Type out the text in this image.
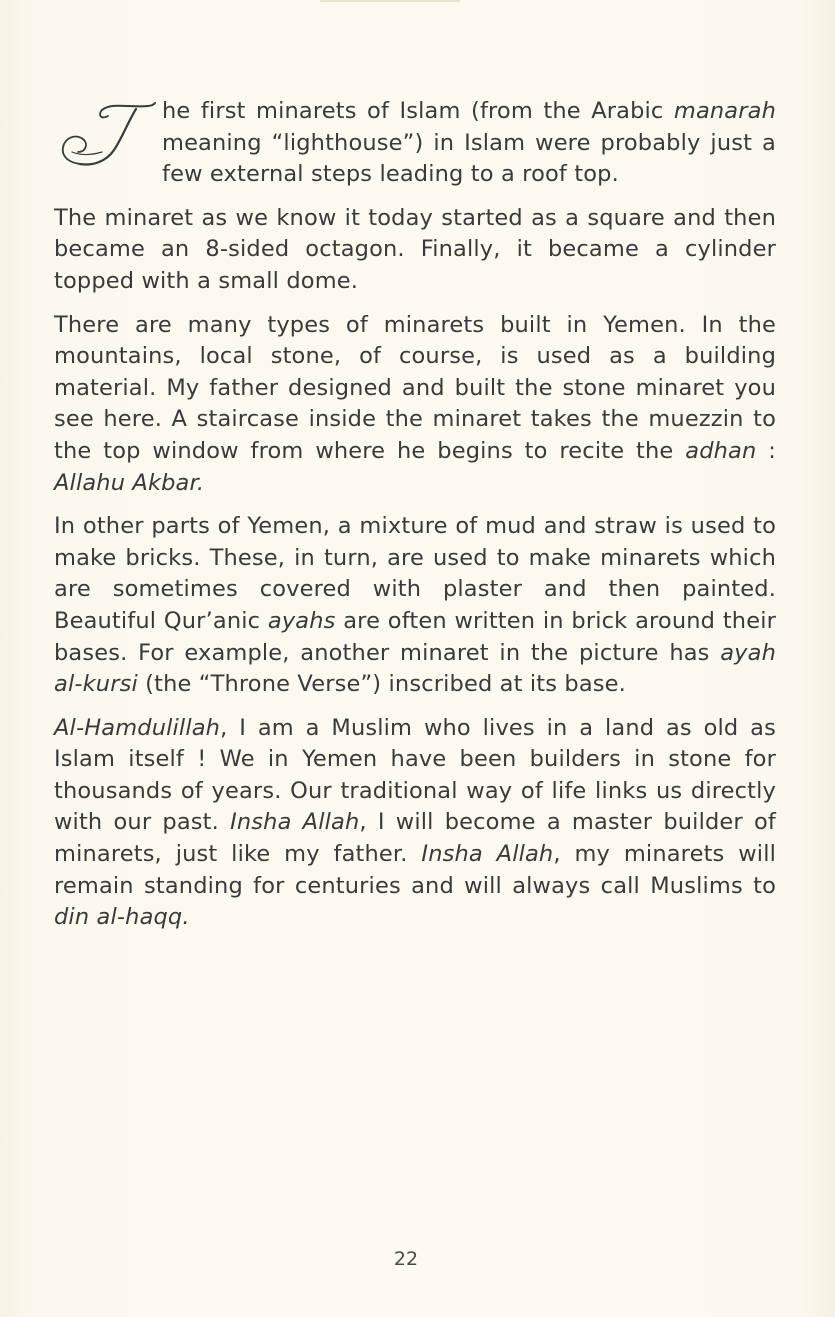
he first minarets of Islam (from the Arabic manarah meaning “lighthouse”) in Islam were probably just a few external steps leading to a roof top.

The minaret as we know it today started as a square and then became an 8-sided octagon. Finally, it became a cylinder topped with a small dome.

There are many types of minarets built in Yemen. In the mountains, local stone, of course, is used as a building material. My father designed and built the stone minaret you see here. A staircase inside the minaret takes the muezzin to the top window from where he begins to recite the adhan : Allahu Akbar.

In other parts of Yemen, a mixture of mud and straw is used to make bricks. These, in turn, are used to make minarets which are sometimes covered with plaster and then painted. Beautiful Qur’anic ayahs are often written in brick around their bases. For example, another minaret in the picture has ayah al-kursi (the “Throne Verse”) inscribed at its base.

Al-Hamdulillah, I am a Muslim who lives in a land as old as Islam itself ! We in Yemen have been builders in stone for thousands of years. Our traditional way of life links us directly with our past. Insha Allah, I will become a master builder of minarets, just like my father. Insha Allah, my minarets will remain standing for centuries and will always call Muslims to din al-haqq.

22
